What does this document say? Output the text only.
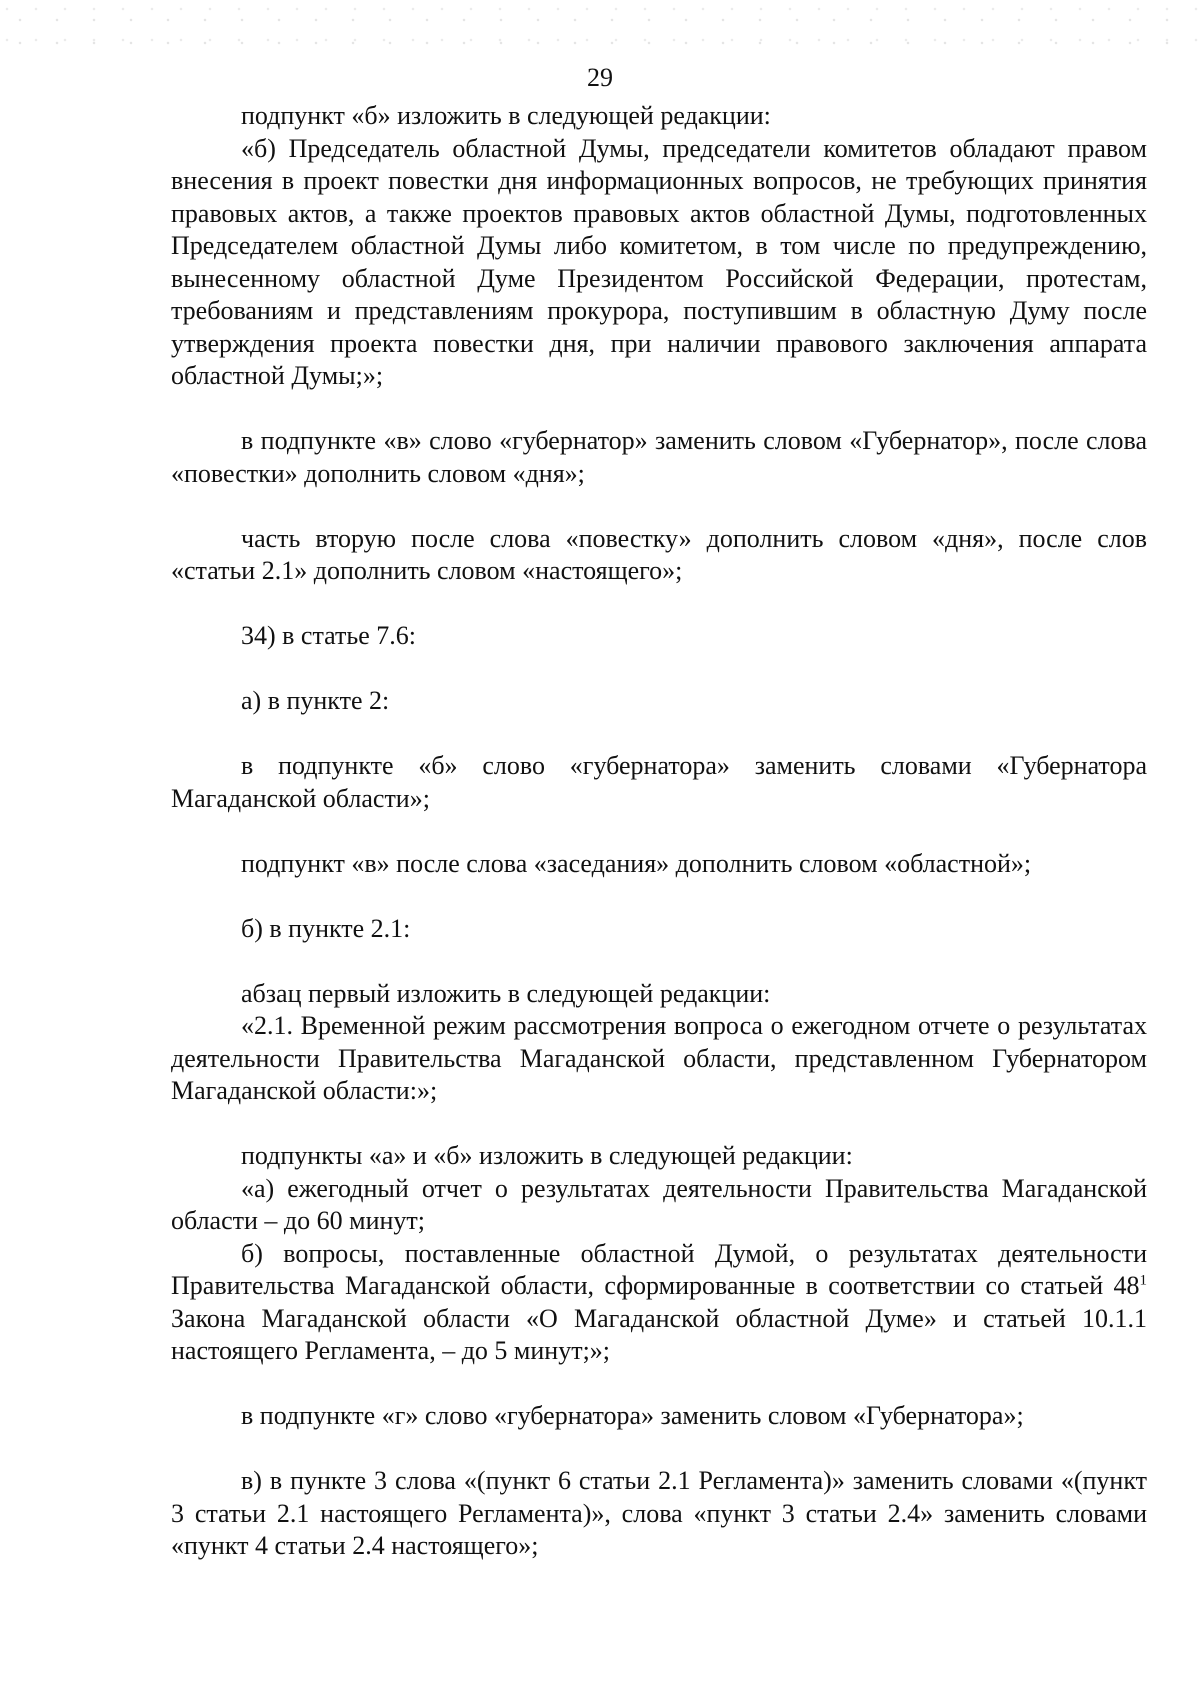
29

подпункт «б» изложить в следующей редакции:

«б) Председатель областной Думы, председатели комитетов обладают правом внесения в проект повестки дня информационных вопросов, не требующих принятия правовых актов, а также проектов правовых актов областной Думы, подготовленных Председателем областной Думы либо комитетом, в том числе по предупреждению, вынесенному областной Думе Президентом Российской Федерации, протестам, требованиям и представлениям прокурора, поступившим в областную Думу после утверждения проекта повестки дня, при наличии правового заключения аппарата областной Думы;»;

в подпункте «в» слово «губернатор» заменить словом «Губернатор», после слова «повестки» дополнить словом «дня»;

часть вторую после слова «повестку» дополнить словом «дня», после слов «статьи 2.1» дополнить словом «настоящего»;

34) в статье 7.6:

а) в пункте 2:

в подпункте «б» слово «губернатора» заменить словами «Губернатора Магаданской области»;

подпункт «в» после слова «заседания» дополнить словом «областной»;

б) в пункте 2.1:

абзац первый изложить в следующей редакции:

«2.1. Временной режим рассмотрения вопроса о ежегодном отчете о результатах деятельности Правительства Магаданской области, представленном Губернатором Магаданской области:»;

подпункты «а» и «б» изложить в следующей редакции:

«а) ежегодный отчет о результатах деятельности Правительства Магаданской области – до 60 минут;

б) вопросы, поставленные областной Думой, о результатах деятельности Правительства Магаданской области, сформированные в соответствии со статьей $48^1$ Закона Магаданской области «О Магаданской областной Думе» и статьей 10.1.1 настоящего Регламента, – до 5 минут;»;

в подпункте «г» слово «губернатора» заменить словом «Губернатора»;

в) в пункте 3 слова «(пункт 6 статьи 2.1 Регламента)» заменить словами «(пункт 3 статьи 2.1 настоящего Регламента)», слова «пункт 3 статьи 2.4» заменить словами «пункт 4 статьи 2.4 настоящего»;
